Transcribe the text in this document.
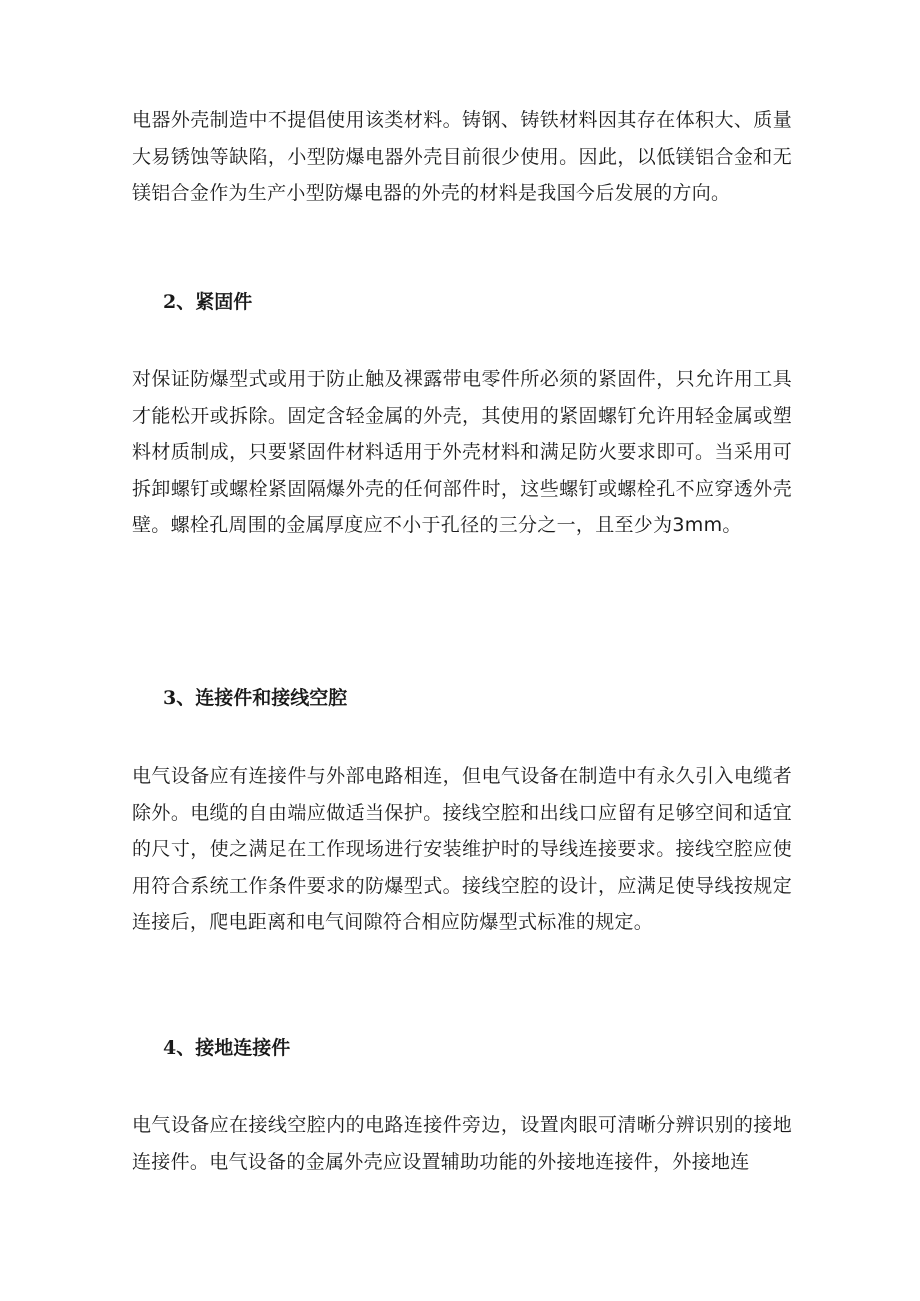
电器外壳制造中不提倡使用该类材料。铸钢、铸铁材料因其存在体积大、质量大易锈蚀等缺陷，小型防爆电器外壳目前很少使用。因此，以低镁铝合金和无镁铝合金作为生产小型防爆电器的外壳的材料是我国今后发展的方向。

2、紧固件

对保证防爆型式或用于防止触及裸露带电零件所必须的紧固件，只允许用工具才能松开或拆除。固定含轻金属的外壳，其使用的紧固螺钉允许用轻金属或塑料材质制成，只要紧固件材料适用于外壳材料和满足防火要求即可。当采用可拆卸螺钉或螺栓紧固隔爆外壳的任何部件时，这些螺钉或螺栓孔不应穿透外壳壁。螺栓孔周围的金属厚度应不小于孔径的三分之一，且至少为3mm。

3、连接件和接线空腔

电气设备应有连接件与外部电路相连，但电气设备在制造中有永久引入电缆者除外。电缆的自由端应做适当保护。接线空腔和出线口应留有足够空间和适宜的尺寸，使之满足在工作现场进行安装维护时的导线连接要求。接线空腔应使用符合系统工作条件要求的防爆型式。接线空腔的设计，应满足使导线按规定连接后，爬电距离和电气间隙符合相应防爆型式标准的规定。

4、接地连接件

电气设备应在接线空腔内的电路连接件旁边，设置肉眼可清晰分辨识别的接地连接件。电气设备的金属外壳应设置辅助功能的外接地连接件，外接地连
